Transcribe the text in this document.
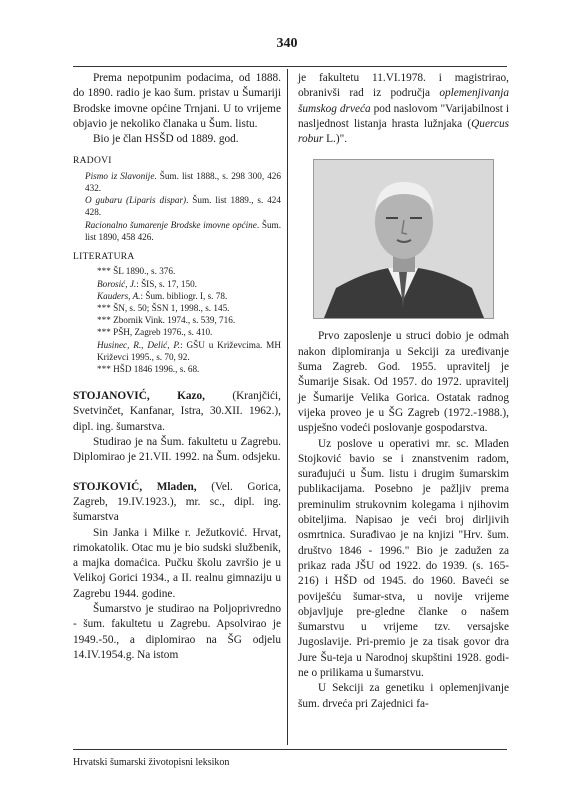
340

Prema nepotpunim podacima, od 1888. do 1890. radio je kao šum. pristav u Šumariji Brodske imovne općine Trnjani. U to vrijeme objavio je nekoliko članaka u Šum. listu.

Bio je član HSŠD od 1889. god.

RADOVI

Pismo iz Slavonije. Šum. list 1888., s. 298 300, 426 432.

O gubaru (Liparis dispar). Šum. list 1889., s. 424 428.

Racionalno šumarenje Brodske imovne općine. Šum. list 1890, 458 426.

LITERATURA

*** ŠL 1890., s. 376.

Borosić, J.: ŠIS, s. 17, 150.

Kauders, A.: Šum. bibliogr. I, s. 78.

*** ŠN, s. 50; ŠSN 1, 1998., s. 145.

*** Zbornik Vink. 1974., s. 539, 716.

*** PŠH, Zagreb 1976., s. 410.

Husinec, R., Delić, P.: GŠU u Križevcima. MH Križevci 1995., s. 70, 92.

*** HŠD 1846 1996., s. 68.

STOJANOVIĆ, Kazo, (Kranjčići, Svetvinčet, Kanfanar, Istra, 30.XII. 1962.), dipl. ing. šumarstva.

Studirao je na Šum. fakultetu u Zagrebu. Diplomirao je 21.VII. 1992. na Šum. odsjeku.

STOJKOVIĆ, Mladen, (Vel. Gorica, Zagreb, 19.IV.1923.), mr. sc., dipl. ing. šumarstva

Sin Janka i Milke r. Ježutković. Hrvat, rimokatolik. Otac mu je bio sudski službenik, a majka domaćica. Pučku školu završio je u Velikoj Gorici 1934., a II. realnu gimnaziju u Zagrebu 1944. godine.

Šumarstvo je studirao na Poljoprivredno - šum. fakultetu u Zagrebu. Apsolvirao je 1949.-50., a diplomirao na ŠG odjelu 14.IV.1954.g. Na istom

je fakultetu 11.VI.1978. i magistrirao, obranivši rad iz područja oplemenjivanja šumskog drveća pod naslovom "Varijabilnost i nasljednost listanja hrasta lužnjaka (Quercus robur L.)".

Prvo zaposlenje u struci dobio je odmah nakon diplomiranja u Sekciji za uređivanje šuma Zagreb. God. 1955. upravitelj je Šumarije Sisak. Od 1957. do 1972. upravitelj je Šumarije Velika Gorica. Ostatak radnog vijeka proveo je u ŠG Zagreb (1972.-1988.), uspješno vodeći poslovanje gospodarstva.

Uz poslove u operativi mr. sc. Mladen Stojković bavio se i znanstvenim radom, surađujući u Šum. listu i drugim šumarskim publikacijama. Posebno je pažljiv prema preminulim strukovnim kolegama i njihovim obiteljima. Napisao je veći broj dirljivih osmrtnica. Surađivao je na knjizi "Hrv. šum. društvo 1846 - 1996." Bio je zadužen za prikaz rada JŠU od 1922. do 1939. (s. 165-216) i HŠD od 1945. do 1960. Baveći se poviješću šumar-stva, u novije vrijeme objavljuje pre-gledne članke o našem šumarstvu u vrijeme tzv. versajske Jugoslavije. Pri-premio je za tisak govor dra Jure Šu-teja u Narodnoj skupštini 1928. godi-ne o prilikama u šumarstvu.

U Sekciji za genetiku i oplemenjivanje šum. drveća pri Zajednici fa-

Hrvatski šumarski životopisni leksikon
